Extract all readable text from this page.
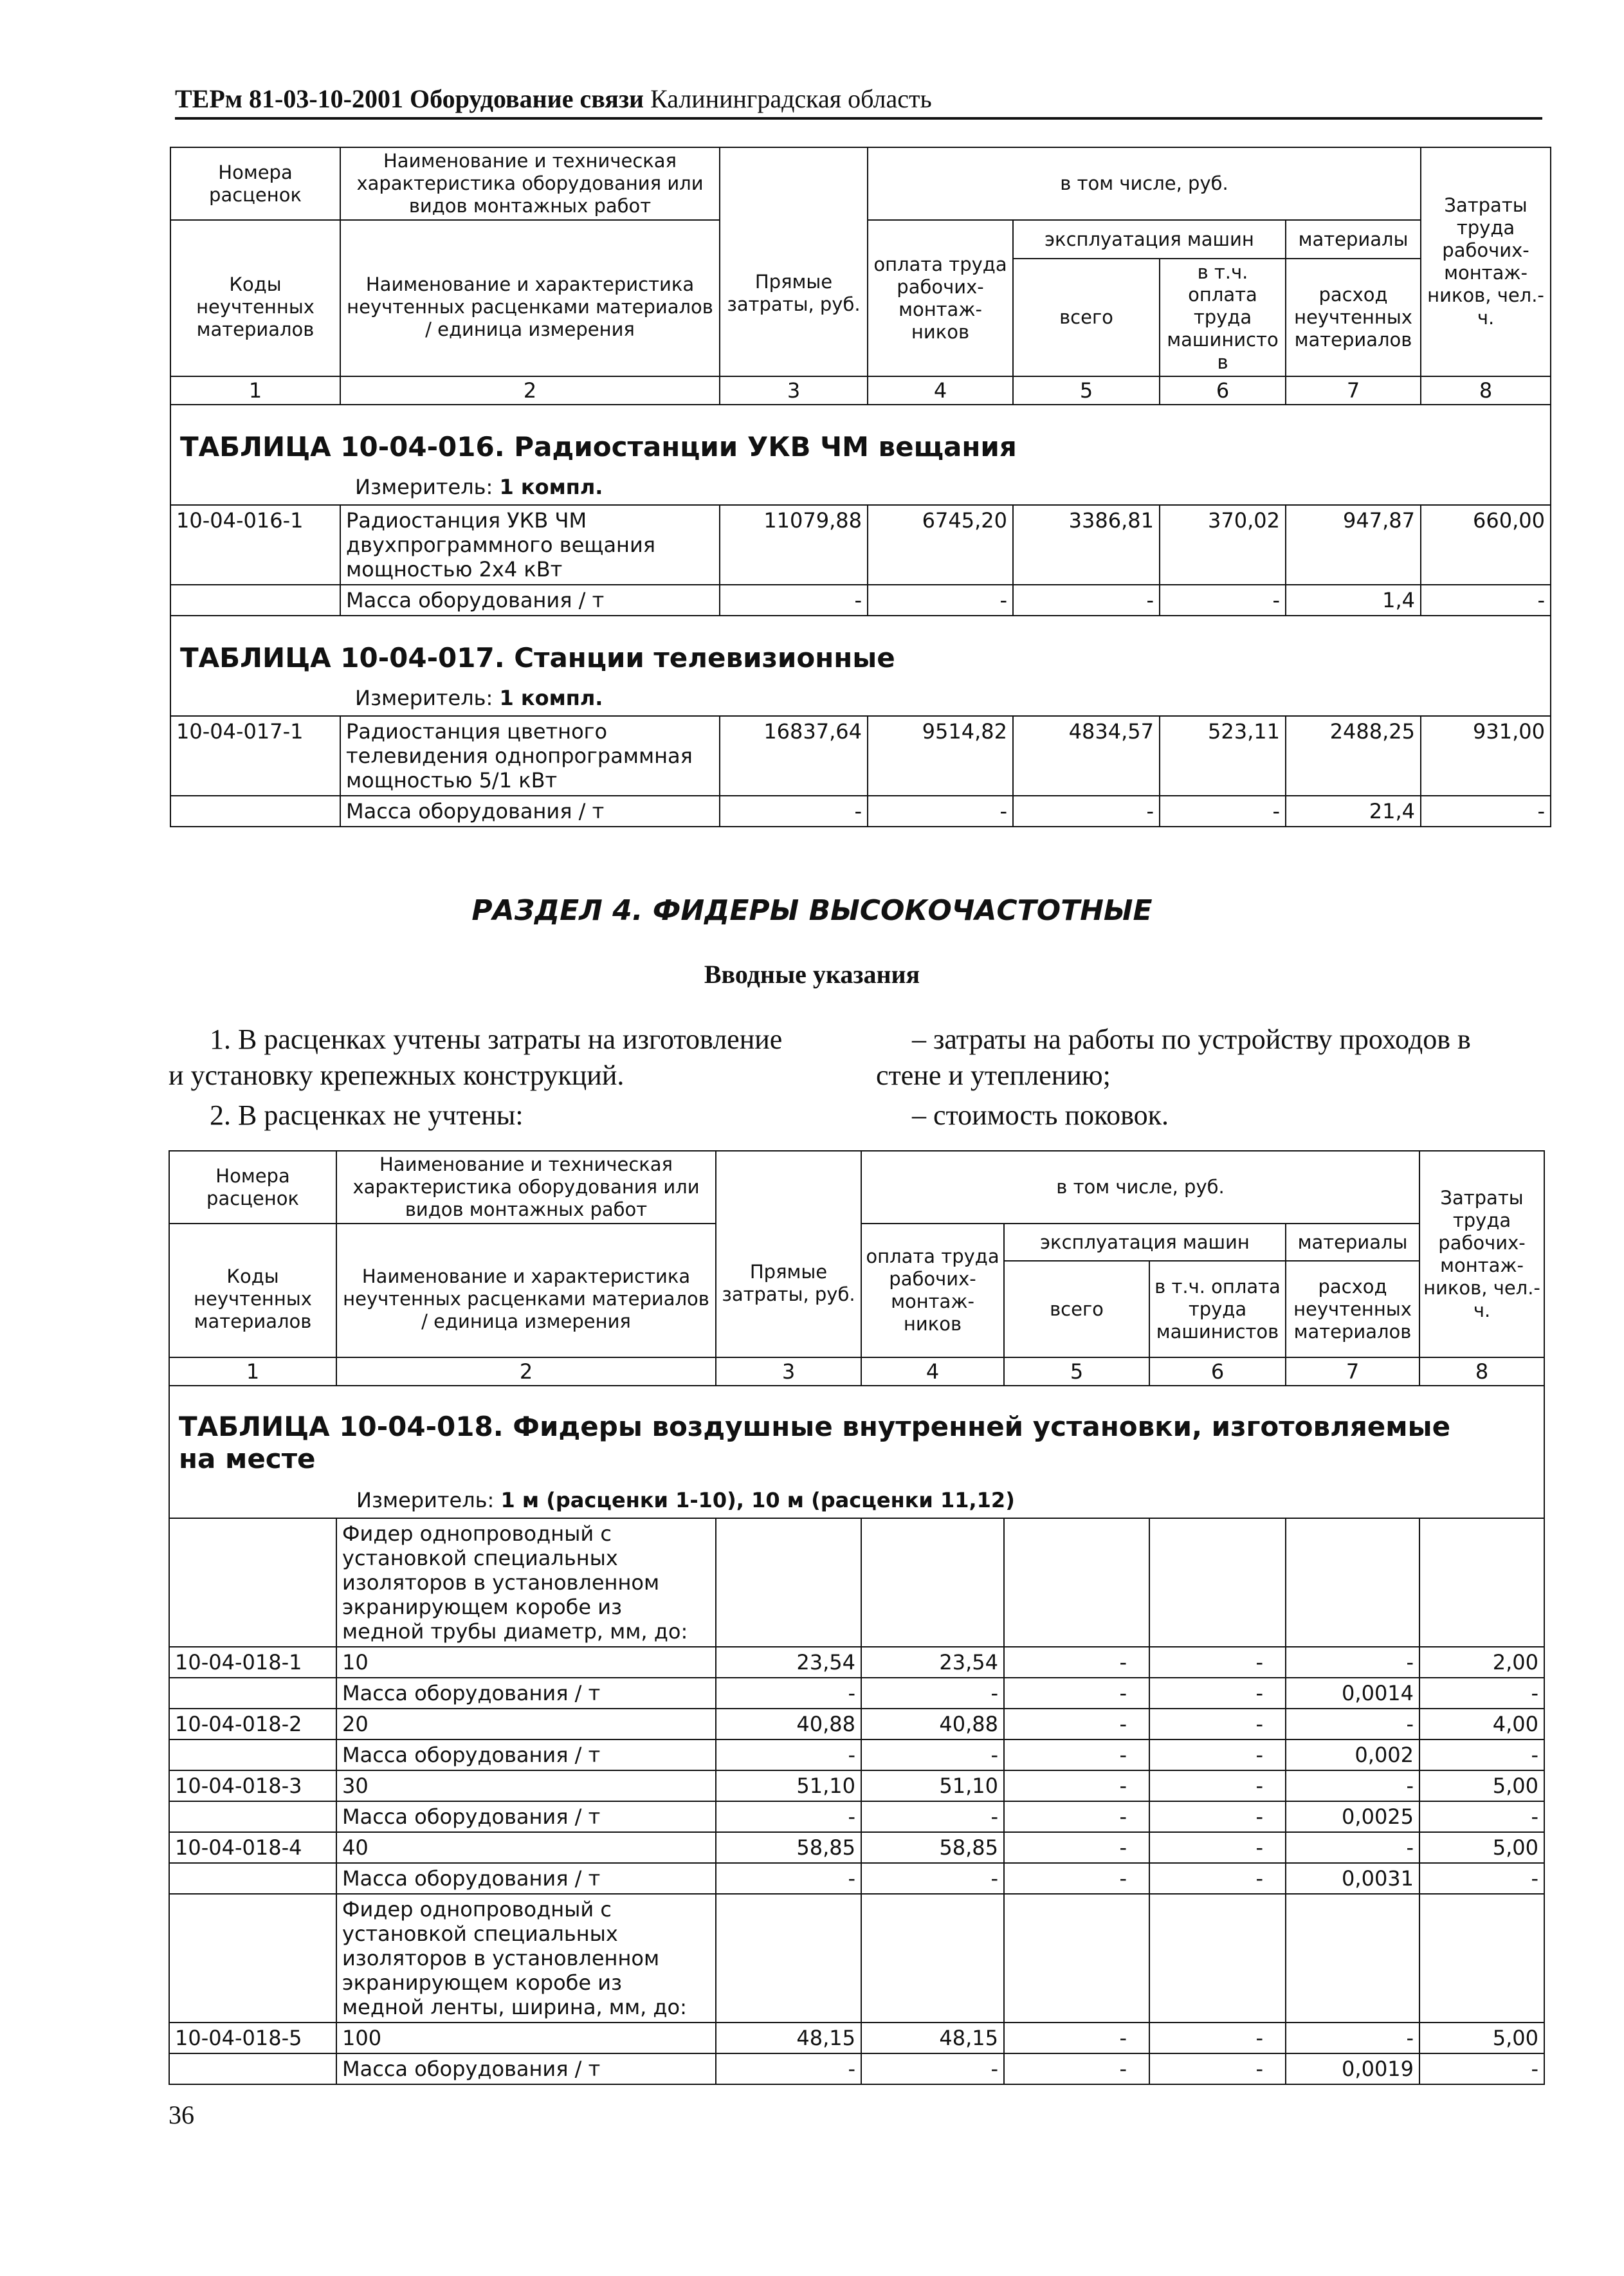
ТЕРм 81-03-10-2001 Оборудование связи Калининградская область
Номера расценок	Наименование и техническая характеристика оборудования или видов монтажных работ	Прямые затраты, руб.	в том числе, руб.				Затраты труда рабочих-монтаж-ников, чел.-ч.
Коды неучтенных материалов	Наименование и характеристика неучтенных расценками материалов / единица измерения		оплата труда рабочих-монтаж-ников	эксплуатация машин		материалы	
				всего	в т.ч. оплата труда машинистов	расход неучтенных материалов	
1	2	3	4	5	6	7	8

ТАБЛИЦА 10-04-016. Радиостанции УКВ ЧМ вещания
Измеритель: 1 компл.							

10-04-016-1	Радиостанция УКВ ЧМ двухпрограммного вещания мощностью 2х4 кВт	11079,88	6745,20	3386,81	370,02	947,87	660,00
	Масса оборудования / т	-	-	-	-	1,4	-

ТАБЛИЦА 10-04-017. Станции телевизионные
Измеритель: 1 компл.							

10-04-017-1	Радиостанция цветного телевидения однопрограммная мощностью 5/1 кВт	16837,64	9514,82	4834,57	523,11	2488,25	931,00
	Масса оборудования / т	-	-	-	-	21,4	-
РАЗДЕЛ 4. ФИДЕРЫ ВЫСОКОЧАСТОТНЫЕ
Вводные указания
1. В расценках учтены затраты на изготовление
и установку крепежных конструкций.
2. В расценках не учтены:
– затраты на работы по устройству проходов в
стене и утеплению;
– стоимость поковок.
Номера расценок	Наименование и техническая характеристика оборудования или видов монтажных работ	Прямые затраты, руб.	в том числе, руб.				Затраты труда рабочих-монтаж-ников, чел.-ч.
Коды неучтенных материалов	Наименование и характеристика неучтенных расценками материалов / единица измерения		оплата труда рабочих-монтаж-ников	эксплуатация машин		материалы	
				всего	в т.ч. оплата труда машинистов	расход неучтенных материалов	
1	2	3	4	5	6	7	8

ТАБЛИЦА 10-04-018. Фидеры воздушные внутренней установки, изготовляемые
на месте
Измеритель: 1 м (расценки 1-10), 10 м (расценки 11,12)							

	Фидер однопроводный с установкой специальных изоляторов в установленном экранирующем коробе из медной трубы диаметр, мм, до:						
10-04-018-1	10	23,54	23,54	-	-	-	2,00
	Масса оборудования / т	-	-	-	-	0,0014	-
10-04-018-2	20	40,88	40,88	-	-	-	4,00
	Масса оборудования / т	-	-	-	-	0,002	-
10-04-018-3	30	51,10	51,10	-	-	-	5,00
	Масса оборудования / т	-	-	-	-	0,0025	-
10-04-018-4	40	58,85	58,85	-	-	-	5,00
	Масса оборудования / т	-	-	-	-	0,0031	-
	Фидер однопроводный с установкой специальных изоляторов в установленном экранирующем коробе из медной ленты, ширина, мм, до:						
10-04-018-5	100	48,15	48,15	-	-	-	5,00
	Масса оборудования / т	-	-	-	-	0,0019	-
36
